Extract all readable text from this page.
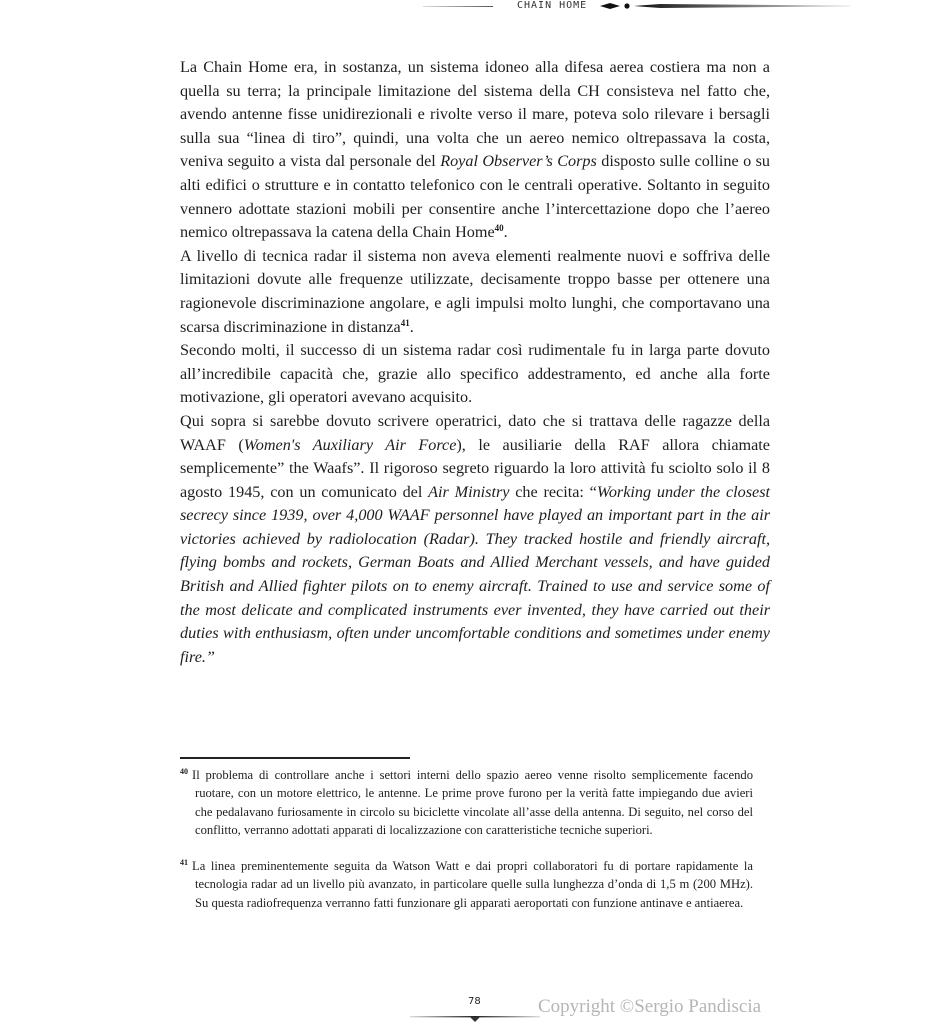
CHAIN HOME

La Chain Home era, in sostanza, un sistema idoneo alla difesa aerea costiera ma non a quella su terra; la principale limitazione del sistema della CH consisteva nel fatto che, avendo antenne fisse unidirezionali e rivolte verso il mare, poteva solo rilevare i bersagli sulla sua “linea di tiro”, quindi, una volta che un aereo nemico oltrepassava la costa, veniva seguito a vista dal personale del Royal Observer’s Corps disposto sulle colline o su alti edifici o strutture e in contatto telefonico con le centrali operative. Soltanto in seguito vennero adottate stazioni mobili per consentire anche l’intercettazione dopo che l’aereo nemico oltrepassava la catena della Chain Home$^{40}$.

A livello di tecnica radar il sistema non aveva elementi realmente nuovi e soffriva delle limitazioni dovute alle frequenze utilizzate, decisamente troppo basse per ottenere una ragionevole discriminazione angolare, e agli impulsi molto lunghi, che comportavano una scarsa discriminazione in distanza$^{41}$.

Secondo molti, il successo di un sistema radar così rudimentale fu in larga parte dovuto all’incredibile capacità che, grazie allo specifico addestramento, ed anche alla forte motivazione, gli operatori avevano acquisito.

Qui sopra si sarebbe dovuto scrivere operatrici, dato che si trattava delle ragazze della WAAF (Women's Auxiliary Air Force), le ausiliarie della RAF allora chiamate semplicemente” the Waafs”. Il rigoroso segreto riguardo la loro attività fu sciolto solo il 8 agosto 1945, con un comunicato del Air Ministry che recita: “Working under the closest secrecy since 1939, over 4,000 WAAF personnel have played an important part in the air victories achieved by radiolocation (Radar). They tracked hostile and friendly aircraft, flying bombs and rockets, German Boats and Allied Merchant vessels, and have guided British and Allied fighter pilots on to enemy aircraft. Trained to use and service some of the most delicate and complicated instruments ever invented, they have carried out their duties with enthusiasm, often under uncomfortable conditions and sometimes under enemy fire.”

$^{40}$ Il problema di controllare anche i settori interni dello spazio aereo venne risolto semplicemente facendo ruotare, con un motore elettrico, le antenne. Le prime prove furono per la verità fatte impiegando due avieri che pedalavano furiosamente in circolo su biciclette vincolate all’asse della antenna. Di seguito, nel corso del conflitto, verranno adottati apparati di localizzazione con caratteristiche tecniche superiori.

$^{41}$ La linea preminentemente seguita da Watson Watt e dai propri collaboratori fu di portare rapidamente la tecnologia radar ad un livello più avanzato, in particolare quelle sulla lunghezza d’onda di 1,5 m (200 MHz). Su questa radiofrequenza verranno fatti funzionare gli apparati aeroportati con funzione antinave e antiaerea.

78	Copyright ©Sergio Pandiscia
